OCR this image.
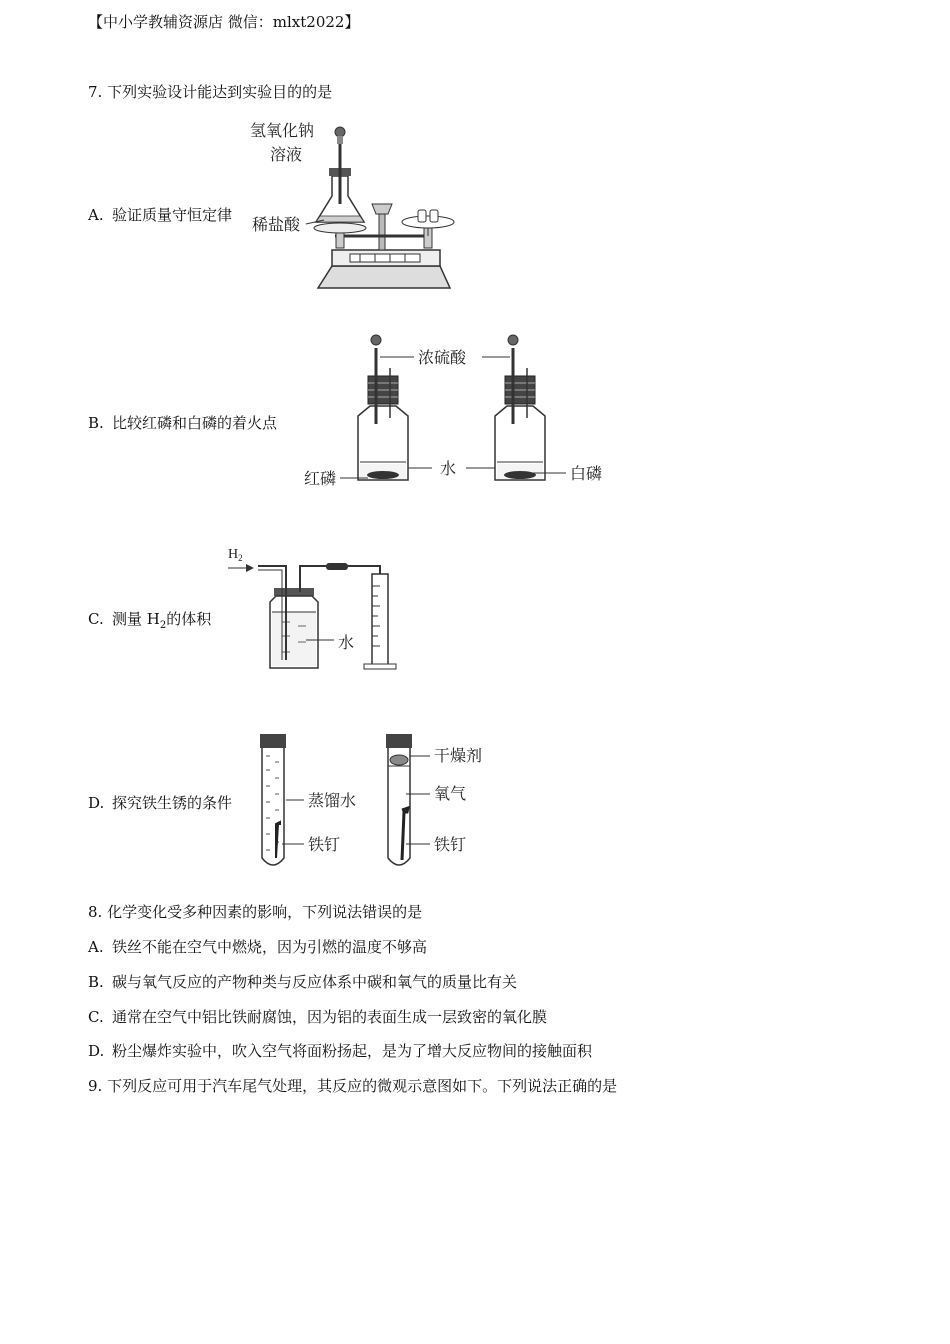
【中小学教辅资源店 微信：mlxt2022】
7. 下列实验设计能达到实验目的的是
A. 验证质量守恒定律
氢氧化钠
溶液
稀盐酸
B. 比较红磷和白磷的着火点
浓硫酸
水
红磷	白磷
C. 测量 $H_2$的体积
$H_2$
水
D. 探究铁生锈的条件	蒸馏水
铁钉
干燥剂
氧气
铁钉
8. 化学变化受多种因素的影响，下列说法错误的是
A. 铁丝不能在空气中燃烧，因为引燃的温度不够高
B. 碳与氧气反应的产物种类与反应体系中碳和氧气的质量比有关
C. 通常在空气中铝比铁耐腐蚀，因为铝的表面生成一层致密的氧化膜
D. 粉尘爆炸实验中，吹入空气将面粉扬起，是为了增大反应物间的接触面积
9. 下列反应可用于汽车尾气处理，其反应的微观示意图如下。下列说法正确的是
